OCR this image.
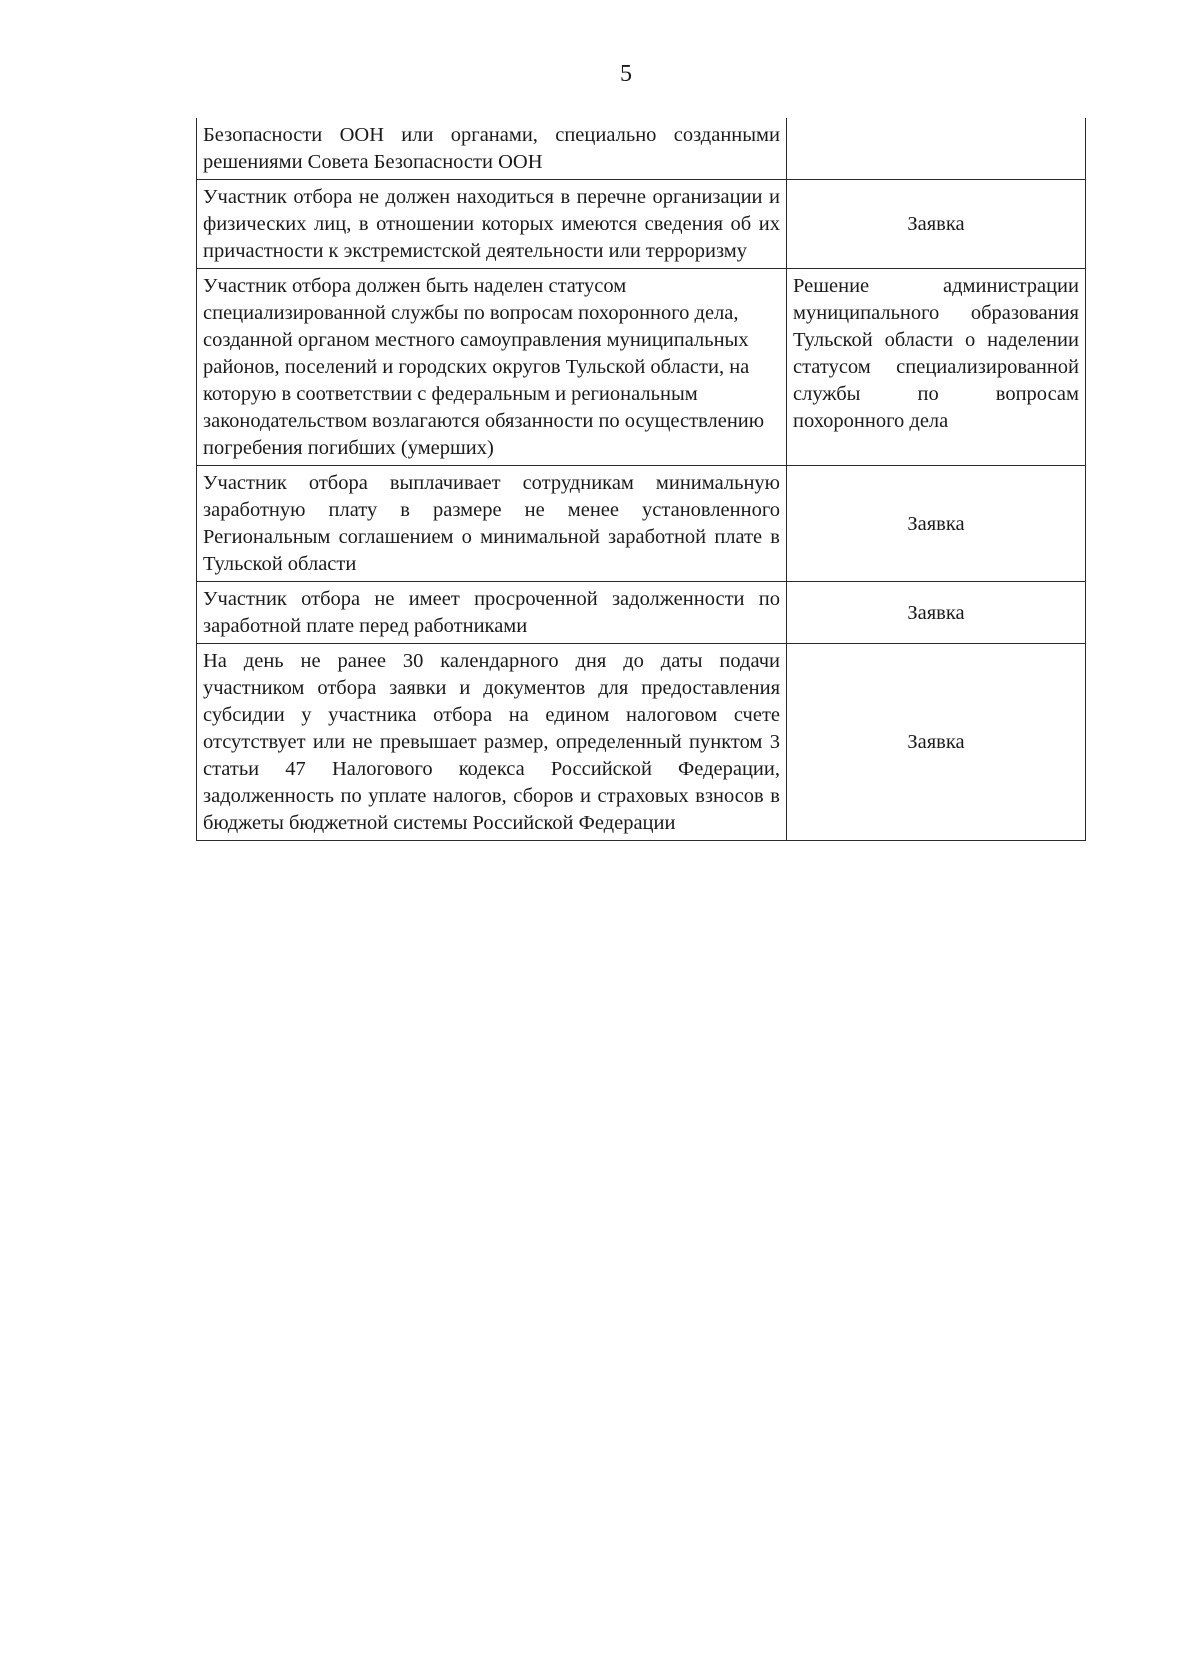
5
Безопасности ООН или органами, специально созданными решениями Совета Безопасности ООН	
Участник отбора не должен находиться в перечне организации и физических лиц, в отношении которых имеются сведения об их причастности к экстремистской деятельности или терроризму	Заявка
Участник отбора должен быть наделен статусом специализированной службы по вопросам похоронного дела, созданной органом местного самоуправления муниципальных районов, поселений и городских округов Тульской области, на которую в соответствии с федеральным и региональным законодательством возлагаются обязанности по осуществлению погребения погибших (умерших)	Решение администрации муниципального образования Тульской области о наделении статусом специализированной службы по вопросам похоронного дела
Участник отбора выплачивает сотрудникам минимальную заработную плату в размере не менее установленного Региональным соглашением о минимальной заработной плате в Тульской области	Заявка
Участник отбора не имеет просроченной задолженности по заработной плате перед работниками	Заявка
На день не ранее 30 календарного дня до даты подачи участником отбора заявки и документов для предоставления субсидии у участника отбора на едином налоговом счете отсутствует или не превышает размер, определенный пунктом 3 статьи 47 Налогового кодекса Российской Федерации, задолженность по уплате налогов, сборов и страховых взносов в бюджеты бюджетной системы Российской Федерации	Заявка
